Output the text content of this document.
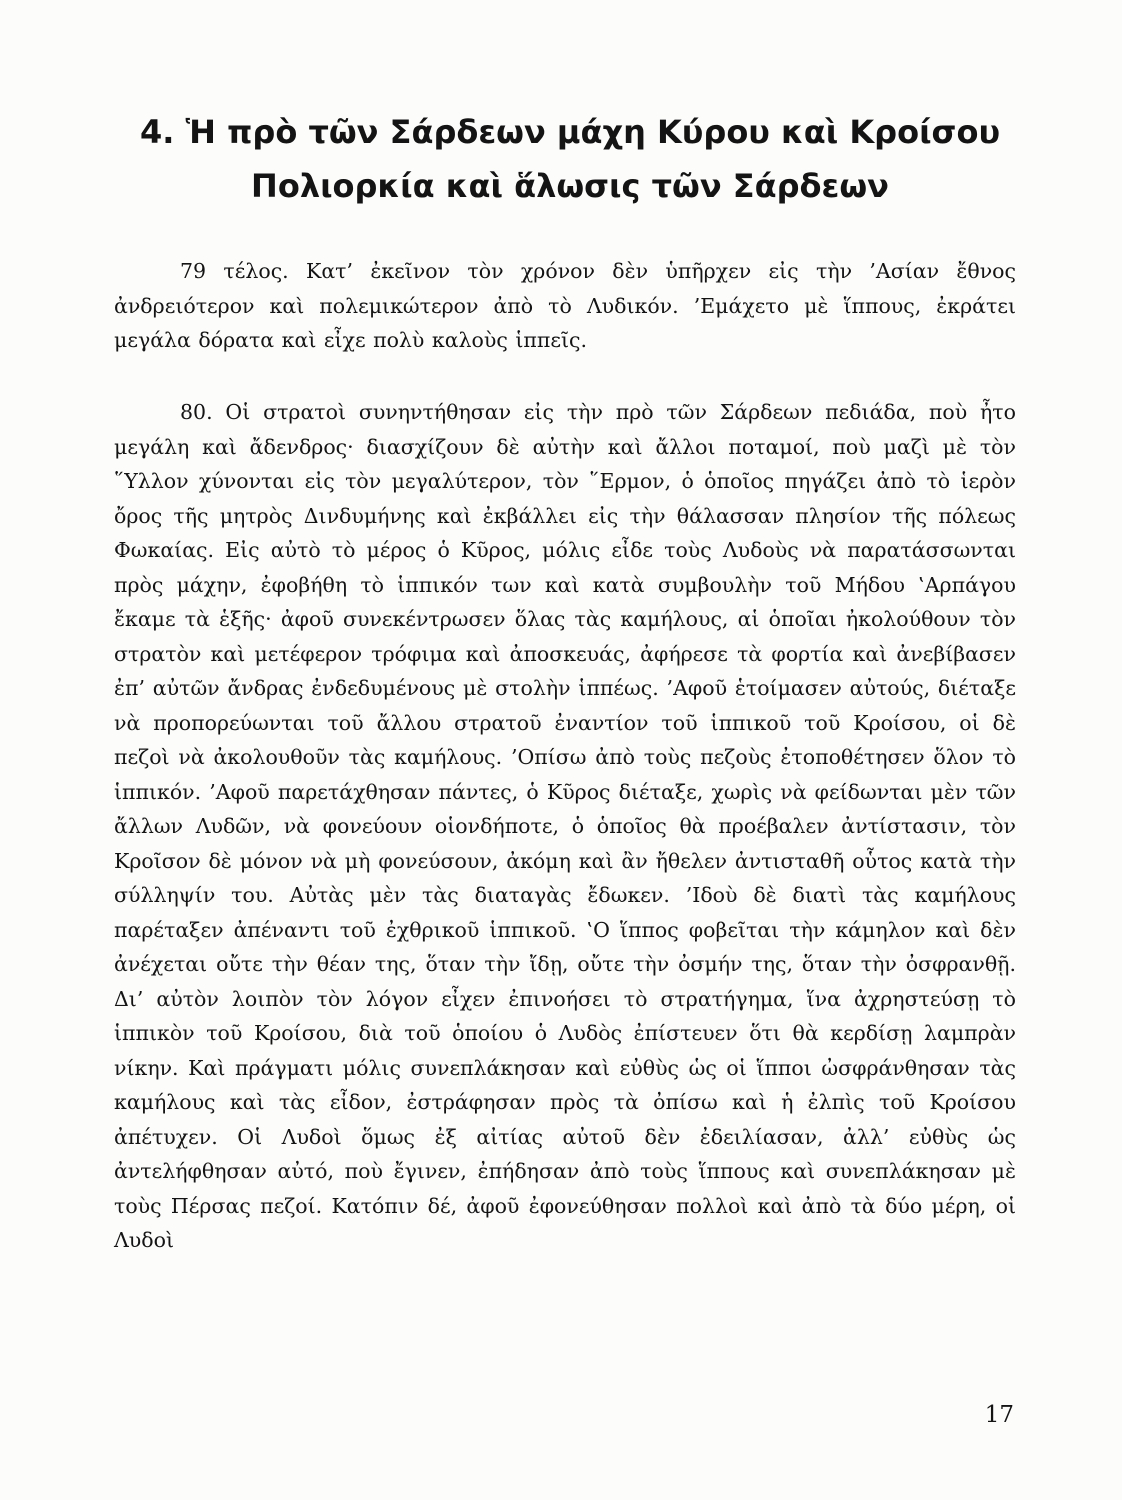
4. Ἡ πρὸ τῶν Σάρδεων μάχη Κύρου καὶ Κροίσου
Πολιορκία καὶ ἅλωσις τῶν Σάρδεων

79 τέλος. Κατ’ ἐκεῖνον τὸν χρόνον δὲν ὑπῆρχεν εἰς τὴν ’Ασίαν ἔθνος ἀνδρειότερον καὶ πολεμικώτερον ἀπὸ τὸ Λυδικόν. ’Εμάχετο μὲ ἵππους, ἐκράτει μεγάλα δόρατα καὶ εἶχε πολὺ καλοὺς ἱππεῖς.

80. Οἱ στρατοὶ συνηντήθησαν εἰς τὴν πρὸ τῶν Σάρδεων πεδιάδα, ποὺ ἦτο μεγάλη καὶ ἄδενδρος· διασχίζουν δὲ αὐτὴν καὶ ἄλλοι ποταμοί, ποὺ μαζὶ μὲ τὸν ῞Υλλον χύνονται εἰς τὸν μεγαλύτερον, τὸν ῞Ερμον, ὁ ὁποῖος πηγάζει ἀπὸ τὸ ἱερὸν ὄρος τῆς μητρὸς Δινδυμήνης καὶ ἐκβάλλει εἰς τὴν θάλασσαν πλησίον τῆς πόλεως Φωκαίας. Εἰς αὐτὸ τὸ μέρος ὁ Κῦρος, μόλις εἶδε τοὺς Λυδοὺς νὰ παρατάσσωνται πρὸς μάχην, ἐφοβήθη τὸ ἱππικόν των καὶ κατὰ συμβουλὴν τοῦ Μήδου ‛Αρπάγου ἔκαμε τὰ ἑξῆς· ἀφοῦ συνεκέντρωσεν ὅλας τὰς καμήλους, αἱ ὁποῖαι ἠκολούθουν τὸν στρατὸν καὶ μετέφερον τρόφιμα καὶ ἀποσκευάς, ἀφήρεσε τὰ φορτία καὶ ἀνεβίβασεν ἐπ’ αὐτῶν ἄνδρας ἐνδεδυμένους μὲ στολὴν ἱππέως. ’Αφοῦ ἑτοίμασεν αὐτούς, διέταξε νὰ προπορεύωνται τοῦ ἄλλου στρατοῦ ἐναντίον τοῦ ἱππικοῦ τοῦ Κροίσου, οἱ δὲ πεζοὶ νὰ ἀκολουθοῦν τὰς καμήλους. ’Οπίσω ἀπὸ τοὺς πεζοὺς ἐτοποθέτησεν ὅλον τὸ ἱππικόν. ’Αφοῦ παρετάχθησαν πάντες, ὁ Κῦρος διέταξε, χωρὶς νὰ φείδωνται μὲν τῶν ἄλλων Λυδῶν, νὰ φονεύουν οἱονδήποτε, ὁ ὁποῖος θὰ προέβαλεν ἀντίστασιν, τὸν Κροῖσον δὲ μόνον νὰ μὴ φονεύσουν, ἀκόμη καὶ ἂν ἤθελεν ἀντισταθῆ οὗτος κατὰ τὴν σύλληψίν του. Αὐτὰς μὲν τὰς διαταγὰς ἔδωκεν. ’Ιδοὺ δὲ διατὶ τὰς καμήλους παρέταξεν ἀπέναντι τοῦ ἐχθρικοῦ ἱππικοῦ. ‛Ο ἵππος φοβεῖται τὴν κάμηλον καὶ δὲν ἀνέχεται οὔτε τὴν θέαν της, ὅταν τὴν ἴδῃ, οὔτε τὴν ὀσμήν της, ὅταν τὴν ὀσφρανθῇ. Δι’ αὐτὸν λοιπὸν τὸν λόγον εἶχεν ἐπινοήσει τὸ στρατήγημα, ἵνα ἀχρηστεύσῃ τὸ ἱππικὸν τοῦ Κροίσου, διὰ τοῦ ὁποίου ὁ Λυδὸς ἐπίστευεν ὅτι θὰ κερδίσῃ λαμπρὰν νίκην. Καὶ πράγματι μόλις συνεπλάκησαν καὶ εὐθὺς ὡς οἱ ἵπποι ὠσφράνθησαν τὰς καμήλους καὶ τὰς εἶδον, ἐστράφησαν πρὸς τὰ ὀπίσω καὶ ἡ ἐλπὶς τοῦ Κροίσου ἀπέτυχεν. Οἱ Λυδοὶ ὅμως ἐξ αἰτίας αὐτοῦ δὲν ἐδειλίασαν, ἀλλ’ εὐθὺς ὡς ἀντελήφθησαν αὐτό, ποὺ ἔγινεν, ἐπήδησαν ἀπὸ τοὺς ἵππους καὶ συνεπλάκησαν μὲ τοὺς Πέρσας πεζοί. Κατόπιν δέ, ἀφοῦ ἐφονεύθησαν πολλοὶ καὶ ἀπὸ τὰ δύο μέρη, οἱ Λυδοὶ

17
